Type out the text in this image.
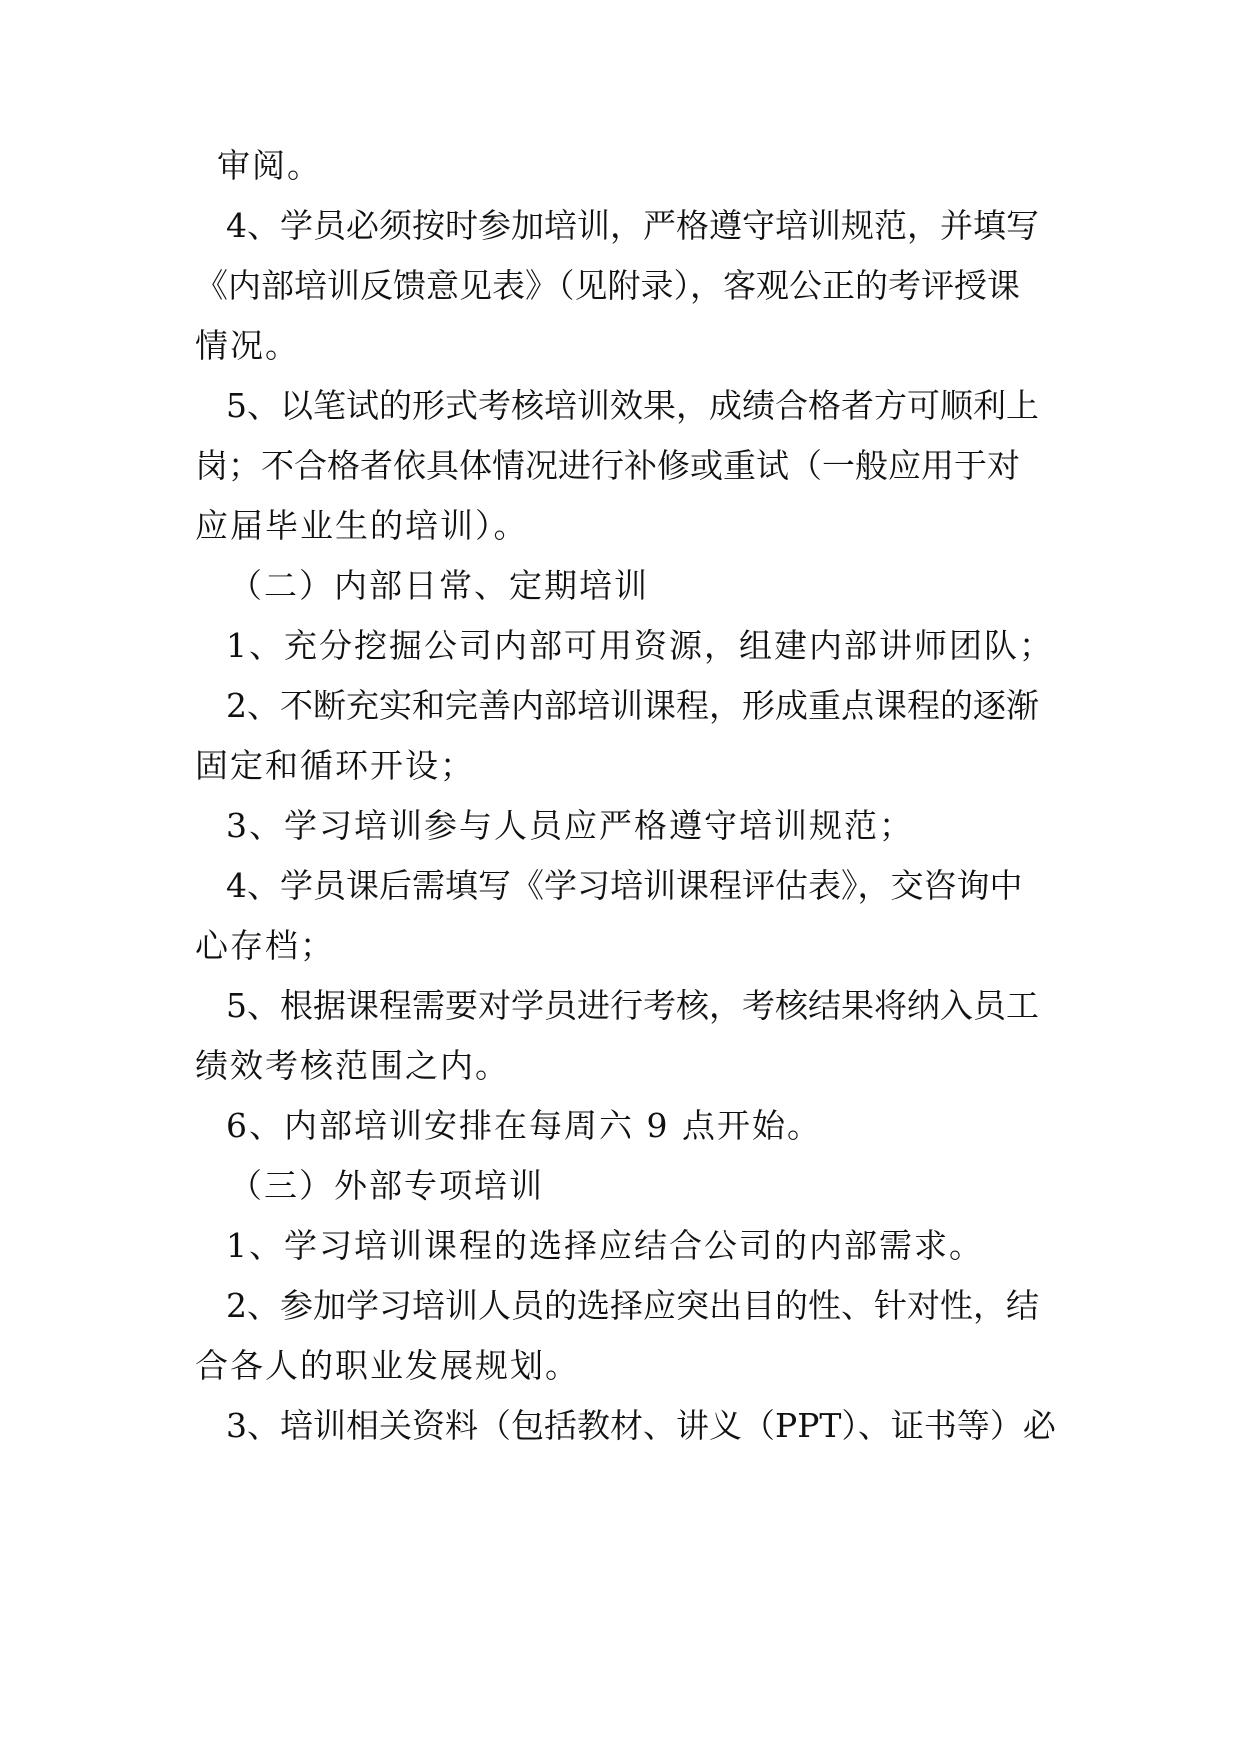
审阅。
4、学员必须按时参加培训，严格遵守培训规范，并填写
《内部培训反馈意见表》（见附录），客观公正的考评授课
情况。
5、以笔试的形式考核培训效果，成绩合格者方可顺利上
岗；不合格者依具体情况进行补修或重试（一般应用于对
应届毕业生的培训）。
（二）内部日常、定期培训
1、充分挖掘公司内部可用资源，组建内部讲师团队；
2、不断充实和完善内部培训课程，形成重点课程的逐渐
固定和循环开设；
3、学习培训参与人员应严格遵守培训规范；
4、学员课后需填写《学习培训课程评估表》，交咨询中
心存档；
5、根据课程需要对学员进行考核，考核结果将纳入员工
绩效考核范围之内。
6、内部培训安排在每周六 9 点开始。
（三）外部专项培训
1、学习培训课程的选择应结合公司的内部需求。
2、参加学习培训人员的选择应突出目的性、针对性，结
合各人的职业发展规划。
3、培训相关资料（包括教材、讲义（PPT）、证书等）必
